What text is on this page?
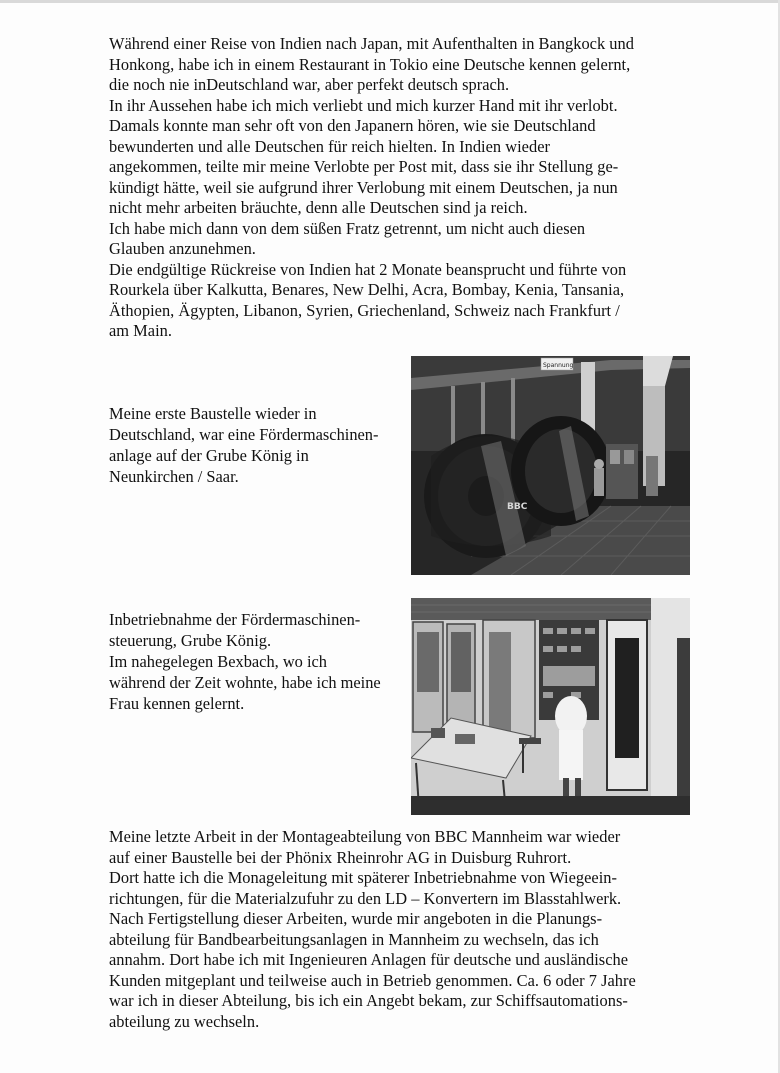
Während einer Reise von Indien nach Japan, mit Aufenthalten in Bangkock und
Honkong, habe ich in einem Restaurant in Tokio eine Deutsche kennen gelernt,
die noch nie inDeutschland war, aber perfekt deutsch sprach.
In ihr Aussehen habe ich mich verliebt und mich kurzer Hand mit ihr verlobt.
Damals konnte man sehr oft von den Japanern hören, wie sie Deutschland
bewunderten und alle Deutschen für reich hielten. In Indien wieder
angekommen, teilte mir meine Verlobte per Post mit, dass sie ihr Stellung ge-
kündigt hätte, weil sie aufgrund ihrer Verlobung mit einem Deutschen, ja nun
nicht mehr arbeiten bräuchte, denn alle Deutschen sind ja reich.
Ich habe mich dann von dem süßen Fratz getrennt, um nicht auch diesen
Glauben anzunehmen.
Die endgültige Rückreise von Indien hat 2 Monate beansprucht und führte von
Rourkela über Kalkutta, Benares, New Delhi, Acra, Bombay, Kenia, Tansania,
Äthopien, Ägypten, Libanon, Syrien, Griechenland, Schweiz nach Frankfurt /
am Main.
Meine erste Baustelle wieder in
Deutschland, war eine Fördermaschinen-
anlage auf der Grube König in
Neunkirchen / Saar.
Spannung
BBC
Inbetriebnahme der Fördermaschinen-
steuerung, Grube König.
Im nahegelegen Bexbach, wo ich
während der Zeit wohnte, habe ich meine
Frau kennen gelernt.
Meine letzte Arbeit in der Montageabteilung von BBC Mannheim war wieder
auf einer Baustelle bei der Phönix Rheinrohr AG in Duisburg Ruhrort.
Dort hatte ich die Monageleitung mit späterer Inbetriebnahme von Wiegeein-
richtungen, für die Materialzufuhr zu den LD – Konvertern im Blasstahlwerk.
Nach Fertigstellung dieser Arbeiten, wurde mir angeboten in die Planungs-
abteilung für Bandbearbeitungsanlagen in Mannheim zu wechseln, das ich
annahm. Dort habe ich mit Ingenieuren Anlagen für deutsche und ausländische
Kunden mitgeplant und teilweise auch in Betrieb genommen. Ca. 6 oder 7 Jahre
war ich in dieser Abteilung, bis ich ein Angebt bekam, zur Schiffsautomations-
abteilung zu wechseln.
